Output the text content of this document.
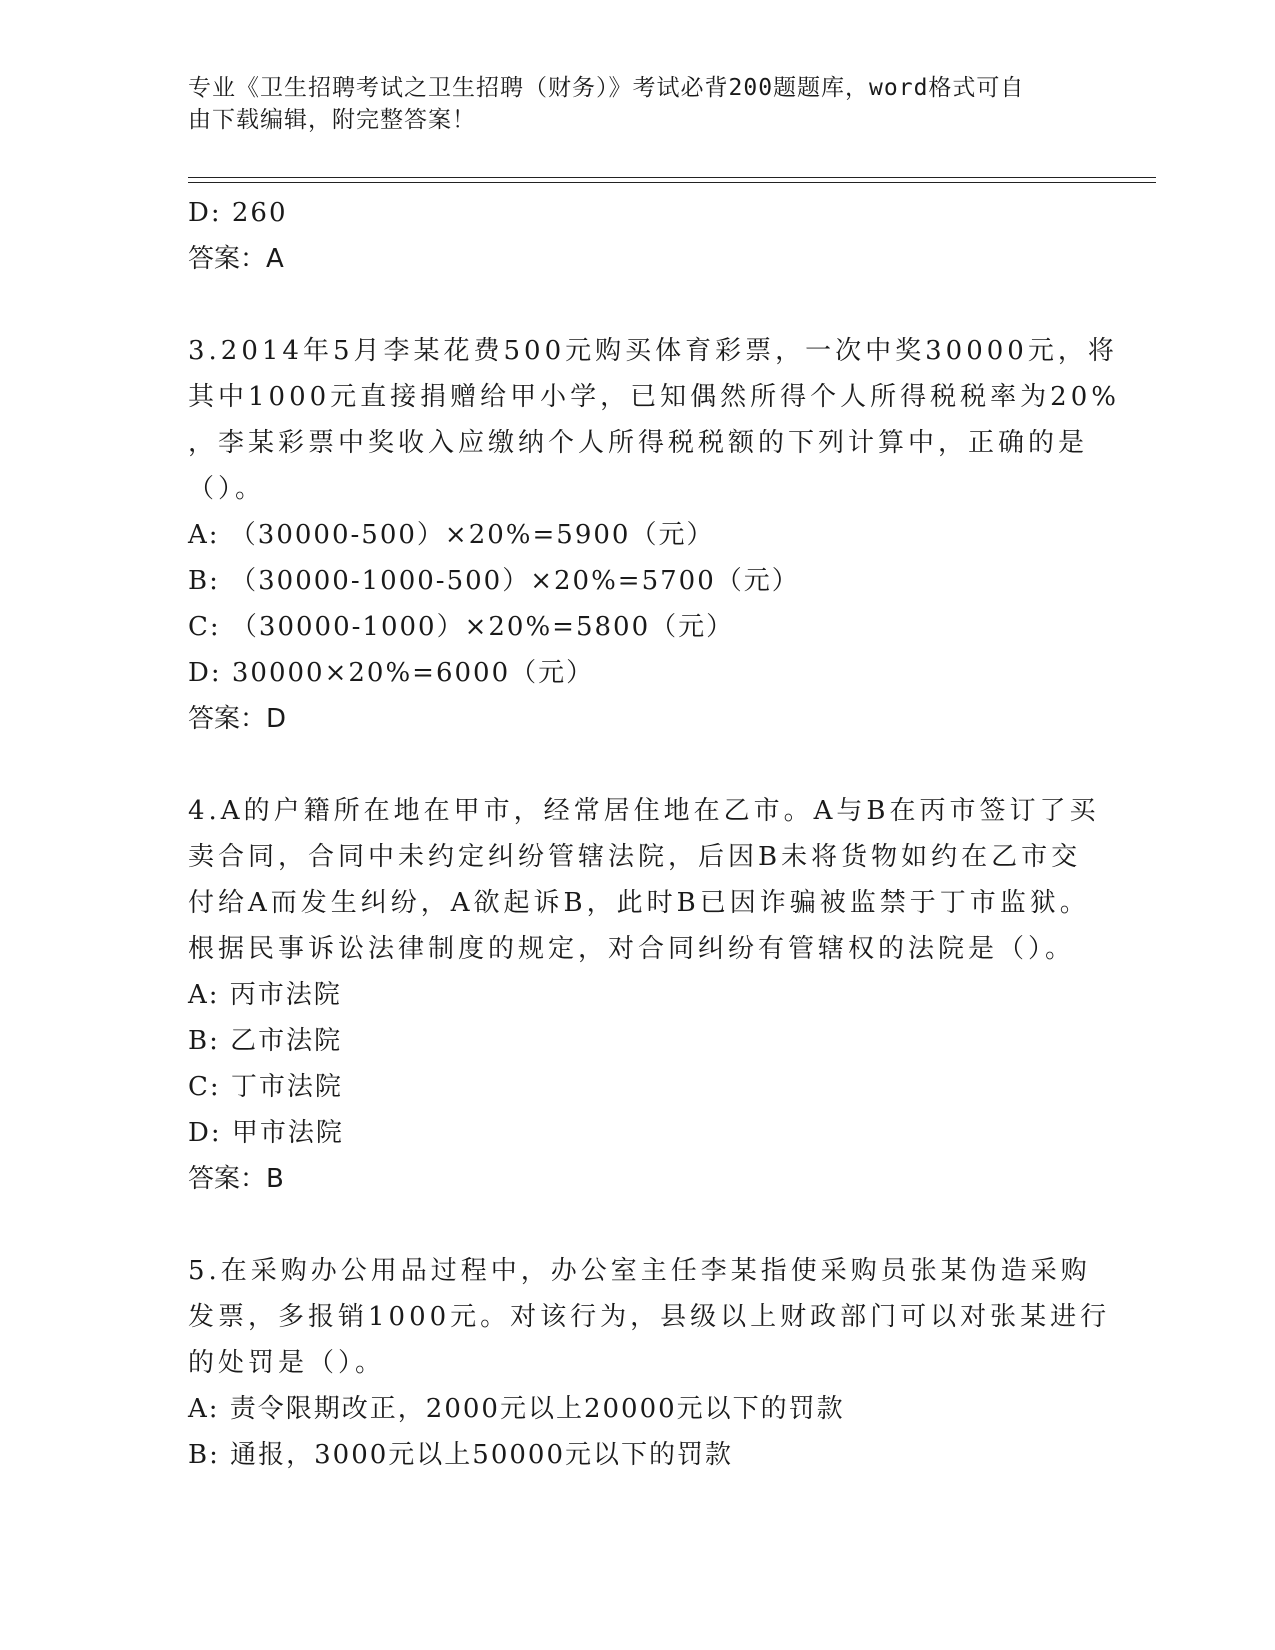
专业《卫生招聘考试之卫生招聘（财务）》考试必背200题题库，word格式可自
由下载编辑，附完整答案！
D: 260
答案：A
3.2014年5月李某花费500元购买体育彩票，一次中奖30000元，将
其中1000元直接捐赠给甲小学，已知偶然所得个人所得税税率为20%
，李某彩票中奖收入应缴纳个人所得税税额的下列计算中，正确的是
（）。
A: （30000-500）×20%=5900（元）
B: （30000-1000-500）×20%=5700（元）
C: （30000-1000）×20%=5800（元）
D: 30000×20%=6000（元）
答案：D
4.A的户籍所在地在甲市，经常居住地在乙市。A与B在丙市签订了买
卖合同，合同中未约定纠纷管辖法院，后因B未将货物如约在乙市交
付给A而发生纠纷，A欲起诉B，此时B已因诈骗被监禁于丁市监狱。
根据民事诉讼法律制度的规定，对合同纠纷有管辖权的法院是（）。
A: 丙市法院
B: 乙市法院
C: 丁市法院
D: 甲市法院
答案：B
5.在采购办公用品过程中，办公室主任李某指使采购员张某伪造采购
发票，多报销1000元。对该行为，县级以上财政部门可以对张某进行
的处罚是（）。
A: 责令限期改正，2000元以上20000元以下的罚款
B: 通报，3000元以上50000元以下的罚款
